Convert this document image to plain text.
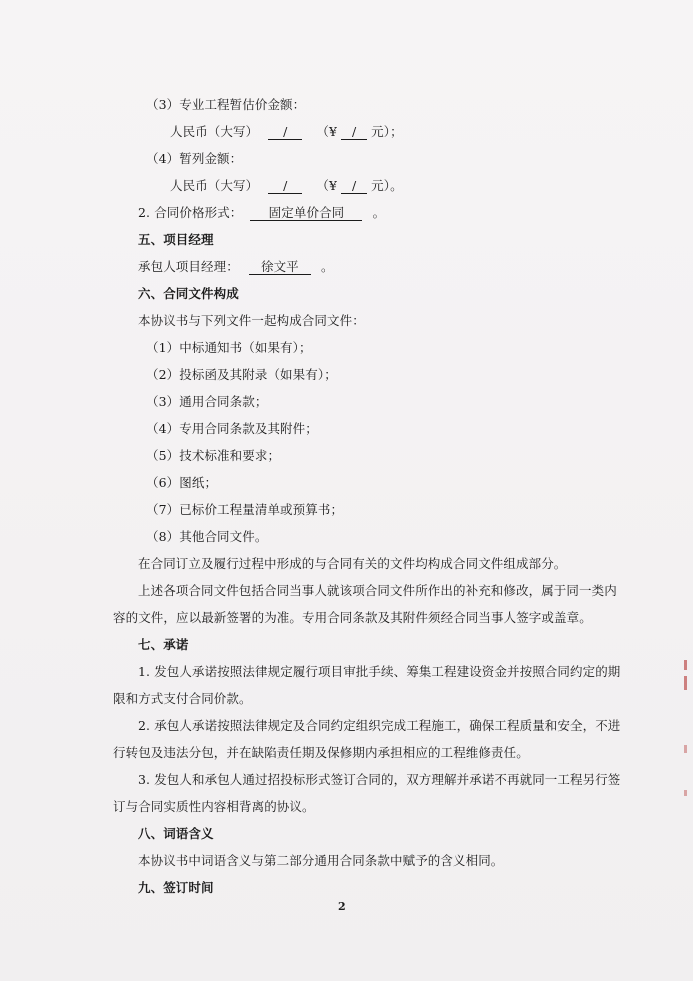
（3）专业工程暂估价金额：
人民币（大写） / （¥ / 元）；
（4）暂列金额：
人民币（大写） / （¥ / 元）。
2. 合同价格形式： 固定单价合同 。
五、项目经理
承包人项目经理： 徐文平 。
六、合同文件构成
本协议书与下列文件一起构成合同文件：
（1）中标通知书（如果有）；
（2）投标函及其附录（如果有）；
（3）通用合同条款；
（4）专用合同条款及其附件；
（5）技术标准和要求；
（6）图纸；
（7）已标价工程量清单或预算书；
（8）其他合同文件。
在合同订立及履行过程中形成的与合同有关的文件均构成合同文件组成部分。
上述各项合同文件包括合同当事人就该项合同文件所作出的补充和修改，属于同一类内
容的文件，应以最新签署的为准。专用合同条款及其附件须经合同当事人签字或盖章。
七、承诺
1. 发包人承诺按照法律规定履行项目审批手续、筹集工程建设资金并按照合同约定的期
限和方式支付合同价款。
2. 承包人承诺按照法律规定及合同约定组织完成工程施工，确保工程质量和安全，不进
行转包及违法分包，并在缺陷责任期及保修期内承担相应的工程维修责任。
3. 发包人和承包人通过招投标形式签订合同的，双方理解并承诺不再就同一工程另行签
订与合同实质性内容相背离的协议。
八、词语含义
本协议书中词语含义与第二部分通用合同条款中赋予的含义相同。
九、签订时间
2
